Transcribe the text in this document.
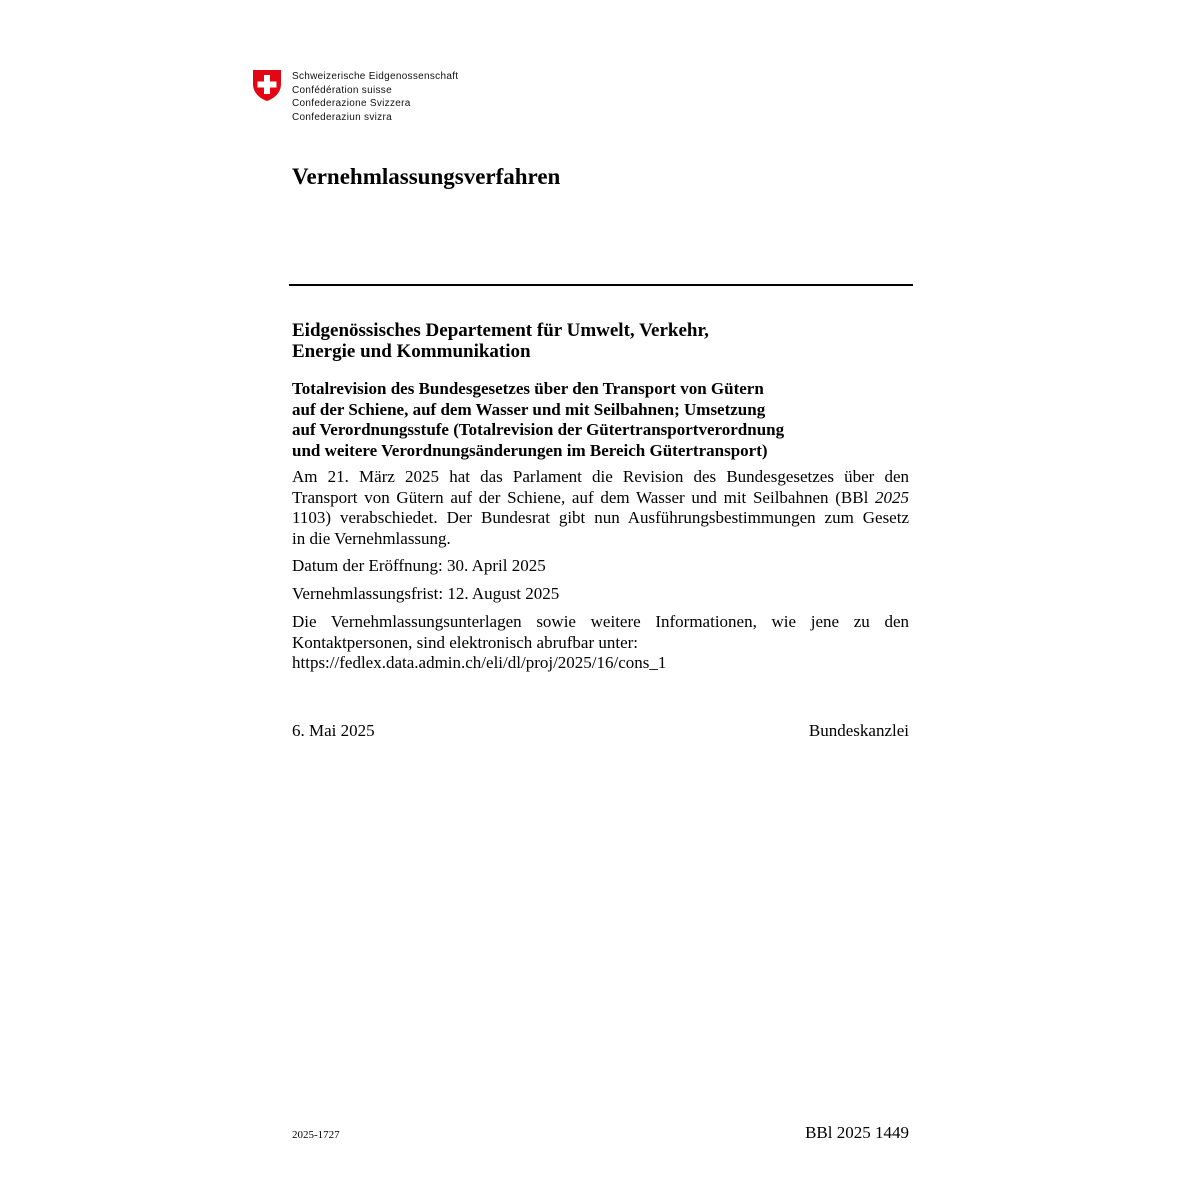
Schweizerische Eidgenossenschaft
Confédération suisse
Confederazione Svizzera
Confederaziun svizra
Vernehmlassungsverfahren
Eidgenössisches Departement für Umwelt, Verkehr,
Energie und Kommunikation
Totalrevision des Bundesgesetzes über den Transport von Gütern
auf der Schiene, auf dem Wasser und mit Seilbahnen; Umsetzung
auf Verordnungsstufe (Totalrevision der Gütertransportverordnung
und weitere Verordnungsänderungen im Bereich Gütertransport)
Am 21. März 2025 hat das Parlament die Revision des Bundesgesetzes über den
Transport von Gütern auf der Schiene, auf dem Wasser und mit Seilbahnen (BBl 2025
1103) verabschiedet. Der Bundesrat gibt nun Ausführungsbestimmungen zum Gesetz
in die Vernehmlassung.
Datum der Eröffnung: 30. April 2025
Vernehmlassungsfrist: 12. August 2025
Die Vernehmlassungsunterlagen sowie weitere Informationen, wie jene zu den
Kontaktpersonen, sind elektronisch abrufbar unter:
https://fedlex.data.admin.ch/eli/dl/proj/2025/16/cons_1
6. Mai 2025	Bundeskanzlei
2025-1727	BBl 2025 1449
